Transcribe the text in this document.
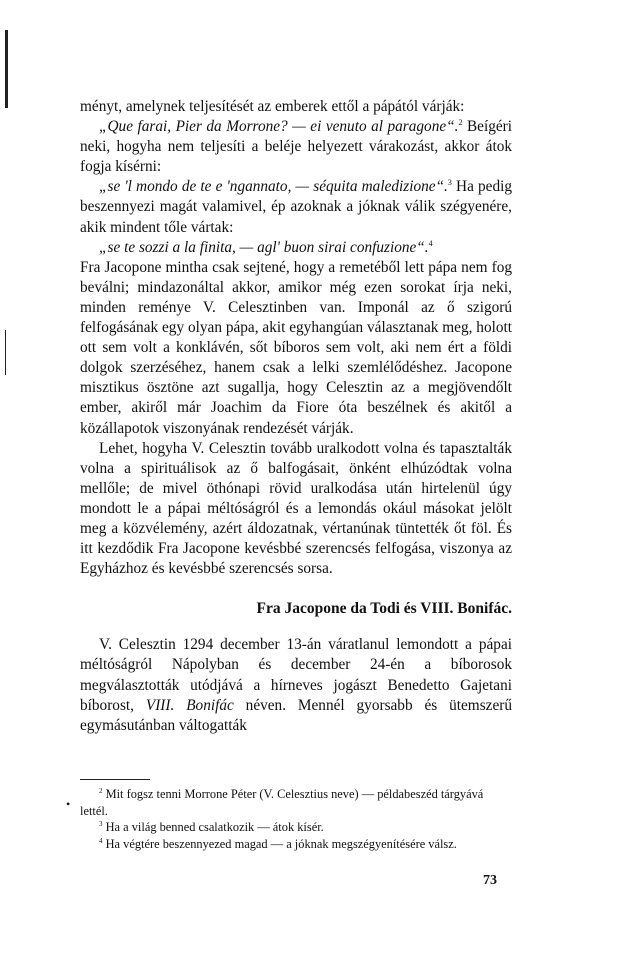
ményt, amelynek teljesítését az emberek ettől a pápától várják:

„Que farai, Pier da Morrone? — ei venuto al paragone“.$^2$ Beígéri neki, hogyha nem teljesíti a beléje helyezett várakozást, akkor átok fogja kísérni:

„se 'l mondo de te e 'ngannato, — séquita maledizione“.$^3$ Ha pedig beszennyezi magát valamivel, ép azoknak a jóknak válik szégyenére, akik mindent tőle vártak:

„se te sozzi a la finita, — agl' buon sirai confuzione“.$^4$

Fra Jacopone mintha csak sejtené, hogy a remetéből lett pápa nem fog beválni; mindazonáltal akkor, amikor még ezen sorokat írja neki, minden reménye V. Celesztinben van. Imponál az ő szigorú felfogásának egy olyan pápa, akit egyhangúan választanak meg, holott ott sem volt a konklávén, sőt bíboros sem volt, aki nem ért a földi dolgok szerzéséhez, hanem csak a lelki szemlélődéshez. Jacopone misztikus ösztöne azt sugallja, hogy Celesztin az a megjövendőlt ember, akiről már Joachim da Fiore óta beszélnek és akitől a közállapotok viszonyának rendezését várják.

Lehet, hogyha V. Celesztin tovább uralkodott volna és tapasztalták volna a spirituálisok az ő balfogásait, önként elhúzódtak volna mellőle; de mivel öthónapi rövid uralkodása után hirtelenül úgy mondott le a pápai méltóságról és a lemondás okául másokat jelölt meg a közvélemény, azért áldozatnak, vértanúnak tüntették őt föl. És itt kezdődik Fra Jacopone kevésbbé szerencsés felfogása, viszonya az Egyházhoz és kevésbbé szerencsés sorsa.

Fra Jacopone da Todi és VIII. Bonifác.

V. Celesztin 1294 december 13-án váratlanul lemondott a pápai méltóságról Nápolyban és december 24-én a bíborosok megválasztották utódjává a hírneves jogászt Benedetto Gajetani bíborost, VIII. Bonifác néven. Mennél gyorsabb és ütemszerű egymásutánban váltogatták

•

$^2$ Mit fogsz tenni Morrone Péter (V. Celesztius neve) — példabeszéd tárgyává lettél.

$^3$ Ha a világ benned csalatkozik — átok kísér.

$^4$ Ha végtére beszennyezed magad — a jóknak megszégyenítésére válsz.

73
